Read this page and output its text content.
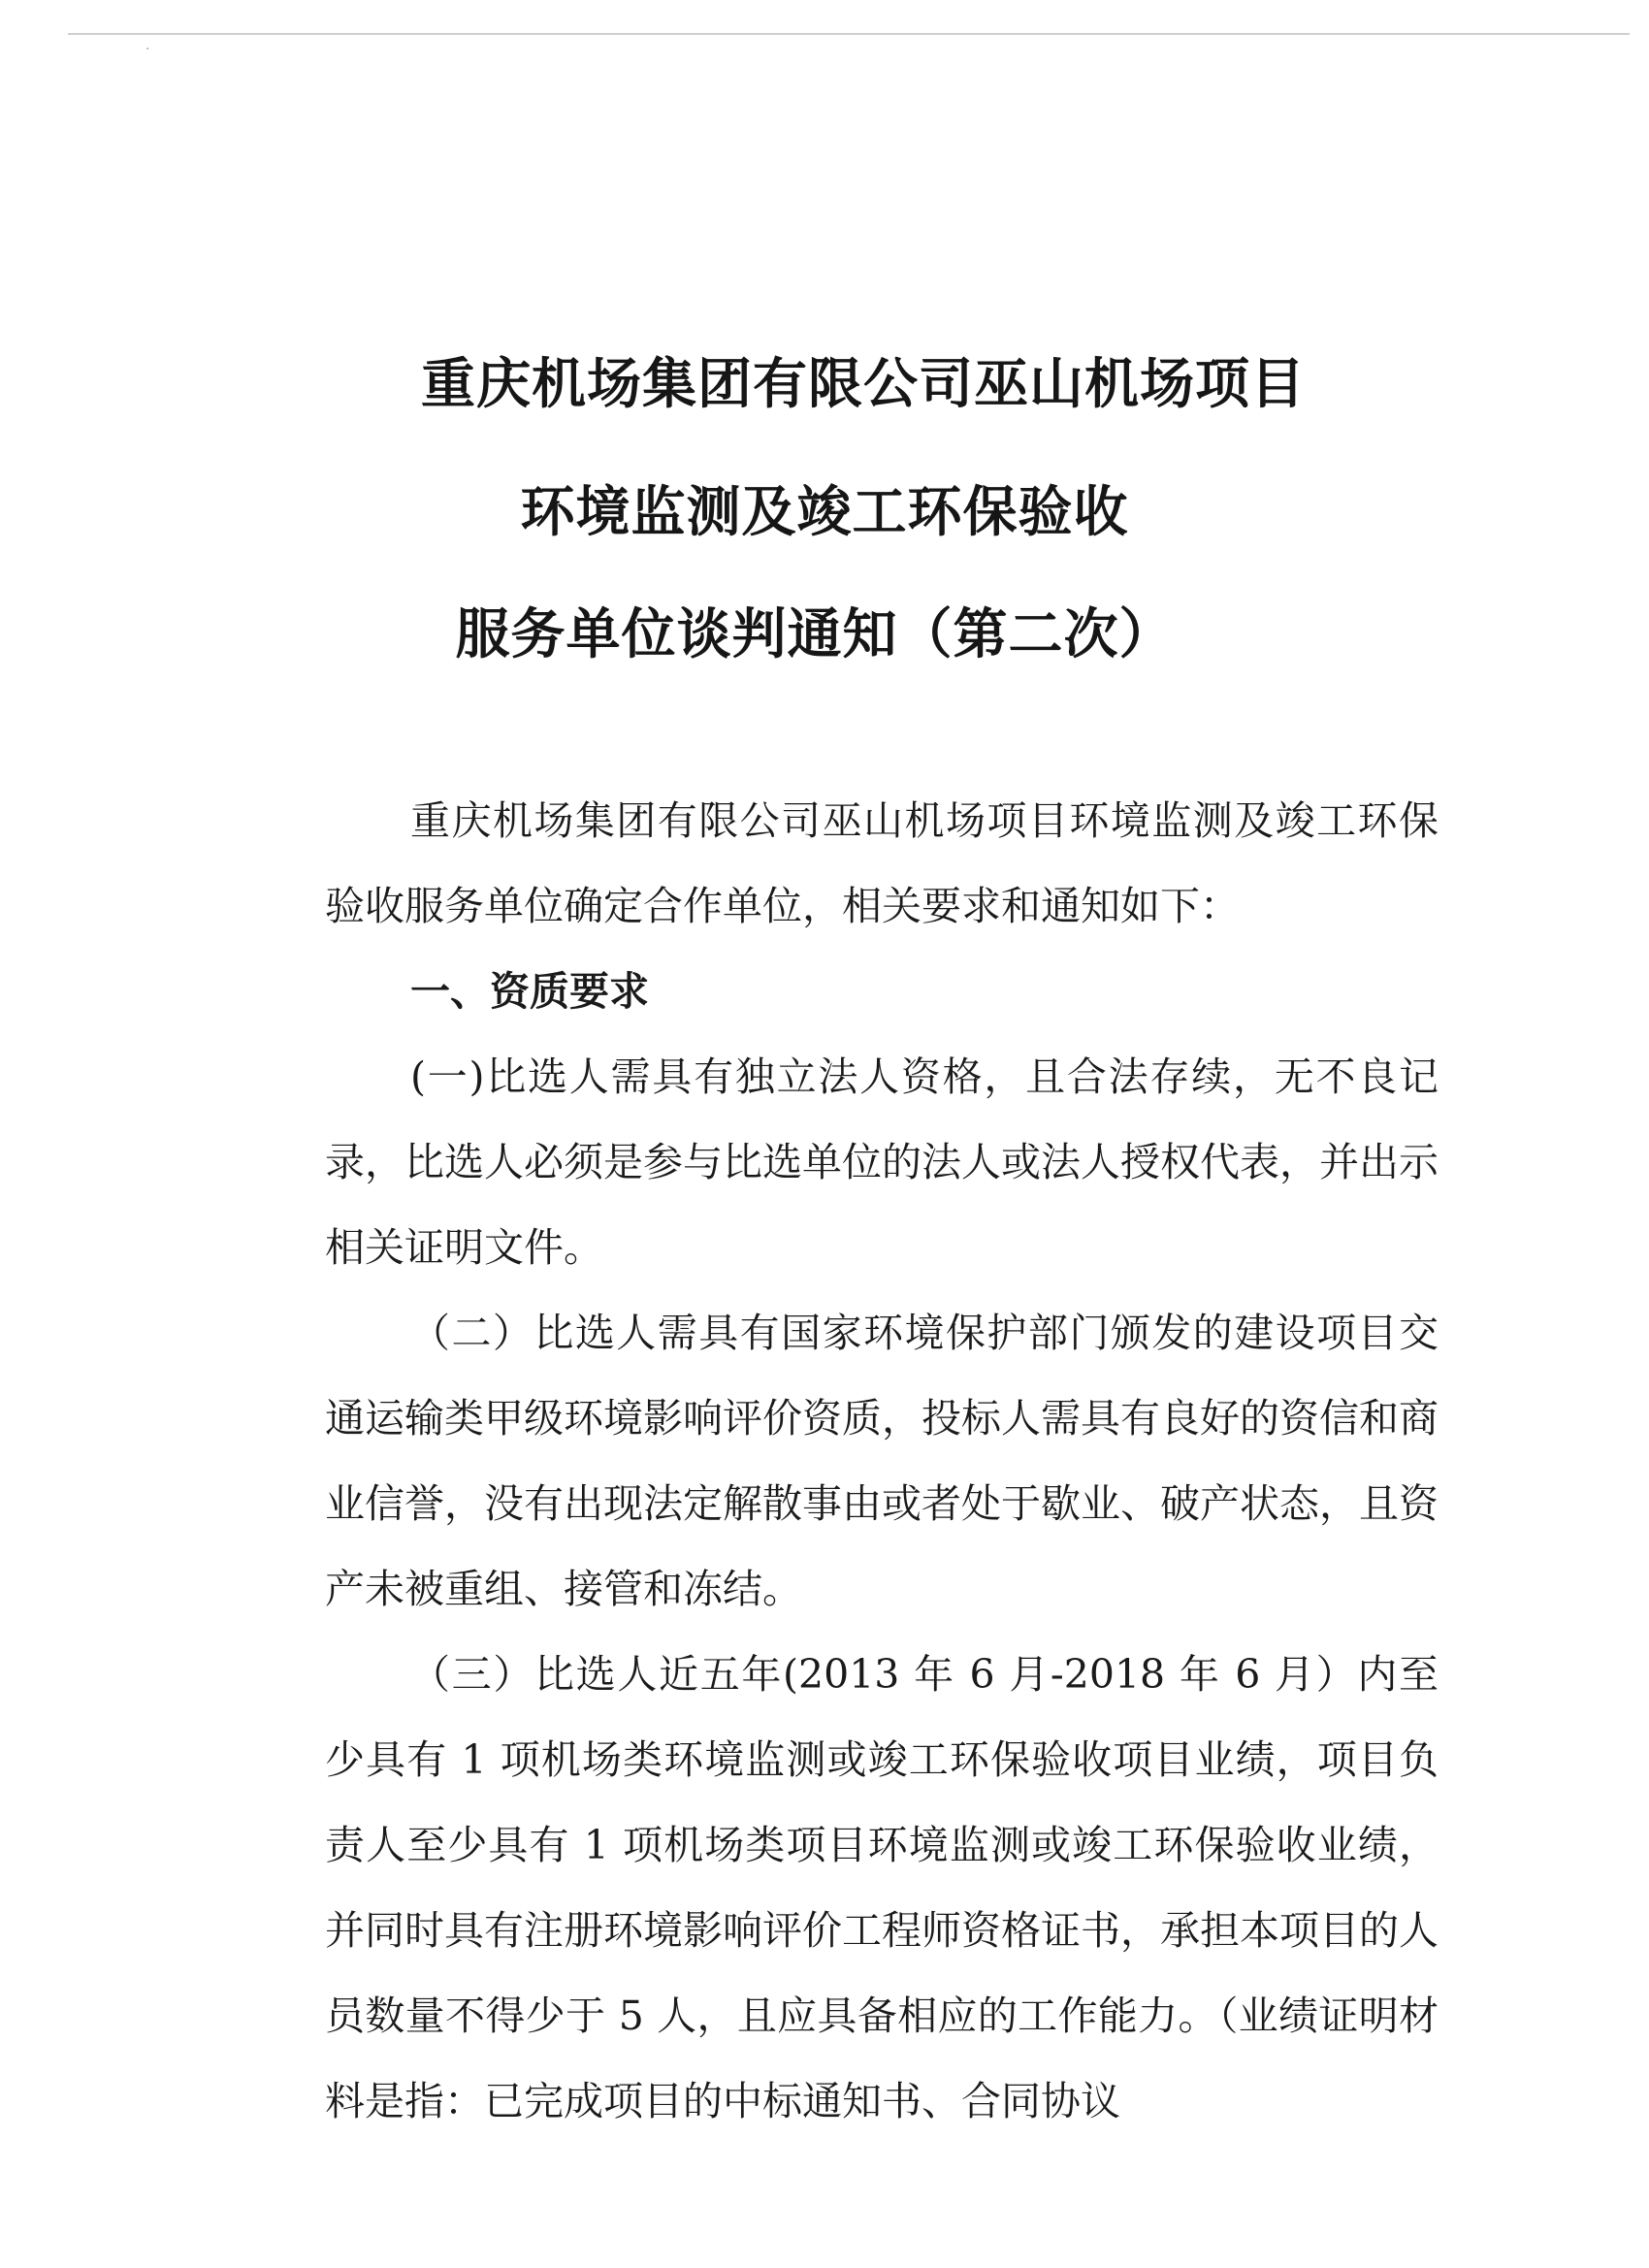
·
重庆机场集团有限公司巫山机场项目
环境监测及竣工环保验收
服务单位谈判通知（第二次）

重庆机场集团有限公司巫山机场项目环境监测及竣工环保验收服务单位确定合作单位，相关要求和通知如下：

一、资质要求

(一)比选人需具有独立法人资格，且合法存续，无不良记录，比选人必须是参与比选单位的法人或法人授权代表，并出示相关证明文件。

（二）比选人需具有国家环境保护部门颁发的建设项目交通运输类甲级环境影响评价资质，投标人需具有良好的资信和商业信誉，没有出现法定解散事由或者处于歇业、破产状态，且资产未被重组、接管和冻结。

（三）比选人近五年(2013 年 6 月-2018 年 6 月）内至少具有 1 项机场类环境监测或竣工环保验收项目业绩，项目负责人至少具有 1 项机场类项目环境监测或竣工环保验收业绩，并同时具有注册环境影响评价工程师资格证书，承担本项目的人员数量不得少于 5 人，且应具备相应的工作能力。（业绩证明材料是指：已完成项目的中标通知书、合同协议
